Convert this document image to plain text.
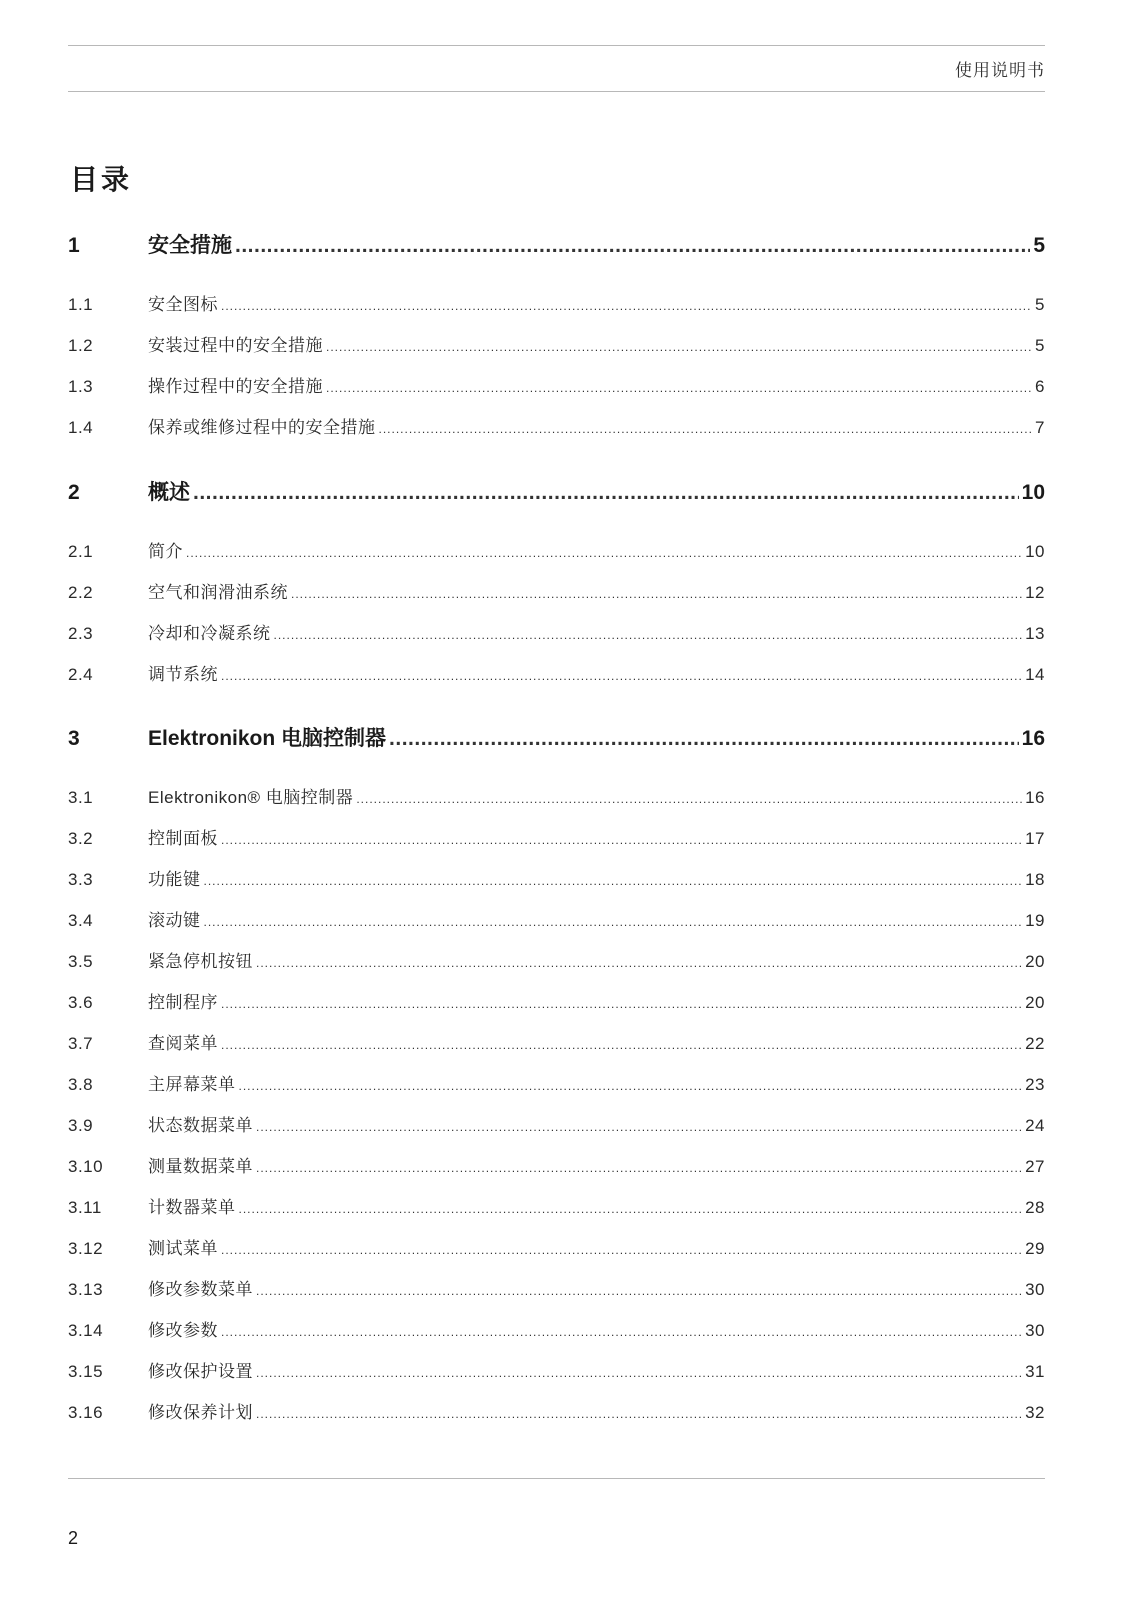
使用说明书
目录
1	安全措施 .....	5
1.1	安全图标 .....	5
1.2	安装过程中的安全措施 .....	5
1.3	操作过程中的安全措施 .....	6
1.4	保养或维修过程中的安全措施 .....	7
2	概述 .....	10
2.1	简介 .....	10
2.2	空气和润滑油系统 .....	12
2.3	冷却和冷凝系统 .....	13
2.4	调节系统 .....	14
3	Elektronikon 电脑控制器 .....	16
3.1	Elektronikon® 电脑控制器 .....	16
3.2	控制面板 .....	17
3.3	功能键 .....	18
3.4	滚动键 .....	19
3.5	紧急停机按钮 .....	20
3.6	控制程序 .....	20
3.7	查阅菜单 .....	22
3.8	主屏幕菜单 .....	23
3.9	状态数据菜单 .....	24
3.10	测量数据菜单 .....	27
3.11	计数器菜单 .....	28
3.12	测试菜单 .....	29
3.13	修改参数菜单 .....	30
3.14	修改参数 .....	30
3.15	修改保护设置 .....	31
3.16	修改保养计划 .....	32
2
